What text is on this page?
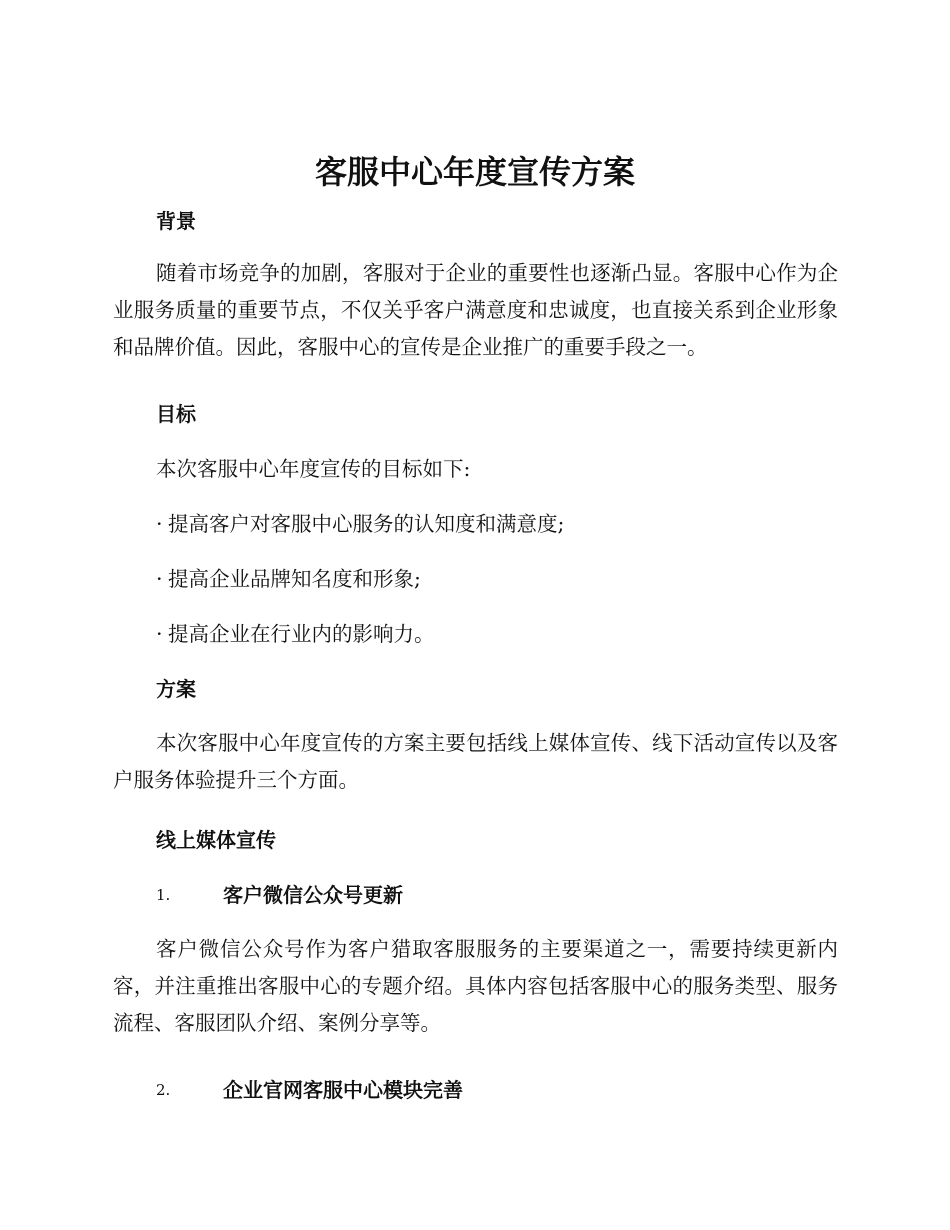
客服中心年度宣传方案
背景

随着市场竞争的加剧，客服对于企业的重要性也逐渐凸显。客服中心作为企业服务质量的重要节点，不仅关乎客户满意度和忠诚度，也直接关系到企业形象和品牌价值。因此，客服中心的宣传是企业推广的重要手段之一。

目标

本次客服中心年度宣传的目标如下:

· 提高客户对客服中心服务的认知度和满意度;

· 提高企业品牌知名度和形象;

· 提高企业在行业内的影响力。

方案

本次客服中心年度宣传的方案主要包括线上媒体宣传、线下活动宣传以及客户服务体验提升三个方面。

线上媒体宣传
1.	客户微信公众号更新

客户微信公众号作为客户猎取客服服务的主要渠道之一，需要持续更新内容，并注重推出客服中心的专题介绍。具体内容包括客服中心的服务类型、服务流程、客服团队介绍、案例分享等。

2.	企业官网客服中心模块完善
